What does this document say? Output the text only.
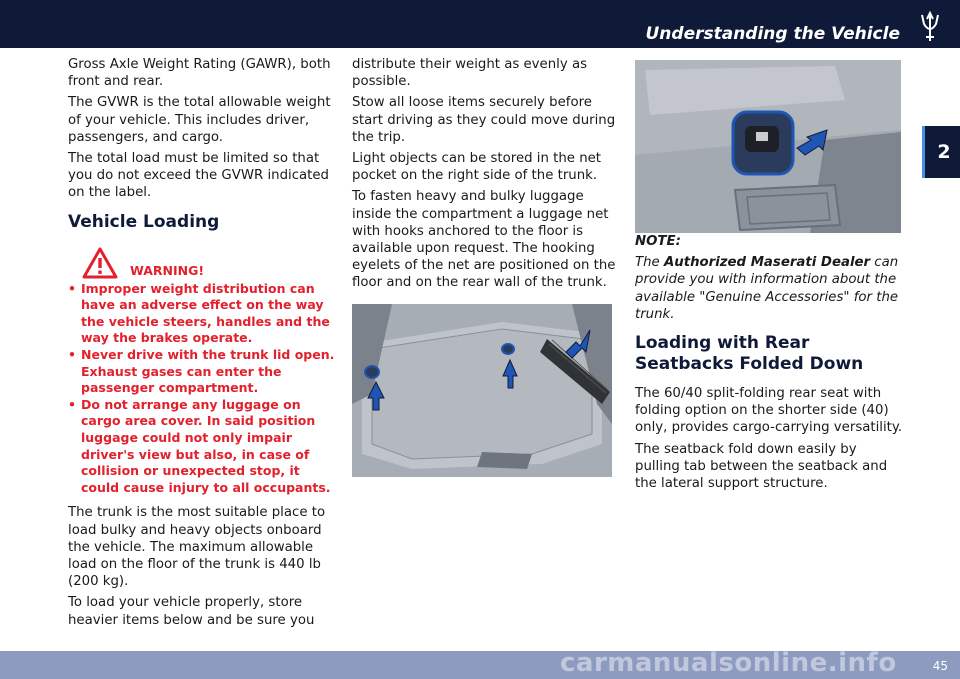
Understanding the Vehicle
2

Gross Axle Weight Rating (GAWR), both front and rear.

The GVWR is the total allowable weight of your vehicle. This includes driver, passengers, and cargo.

The total load must be limited so that you do not exceed the GVWR indicated on the label.

Vehicle Loading
WARNING!
• Improper weight distribution can have an adverse effect on the way the vehicle steers, handles and the way the brakes operate.
• Never drive with the trunk lid open. Exhaust gases can enter the passenger compartment.
• Do not arrange any luggage on cargo area cover. In said position luggage could not only impair driver's view but also, in case of collision or unexpected stop, it could cause injury to all occupants.

The trunk is the most suitable place to load bulky and heavy objects onboard the vehicle. The maximum allowable load on the floor of the trunk is 440 lb (200 kg).

To load your vehicle properly, store heavier items below and be sure you

distribute their weight as evenly as possible.

Stow all loose items securely before start driving as they could move during the trip.

Light objects can be stored in the net pocket on the right side of the trunk.

To fasten heavy and bulky luggage inside the compartment a luggage net with hooks anchored to the floor is available upon request. The hooking eyelets of the net are positioned on the floor and on the rear wall of the trunk.

NOTE:

The Authorized Maserati Dealer can provide you with information about the available "Genuine Accessories" for the trunk.

Loading with Rear Seatbacks Folded Down

The 60/40 split-folding rear seat with folding option on the shorter side (40) only, provides cargo-carrying versatility.

The seatback fold down easily by pulling tab between the seatback and the lateral support structure.

carmanualsonline.info	45
